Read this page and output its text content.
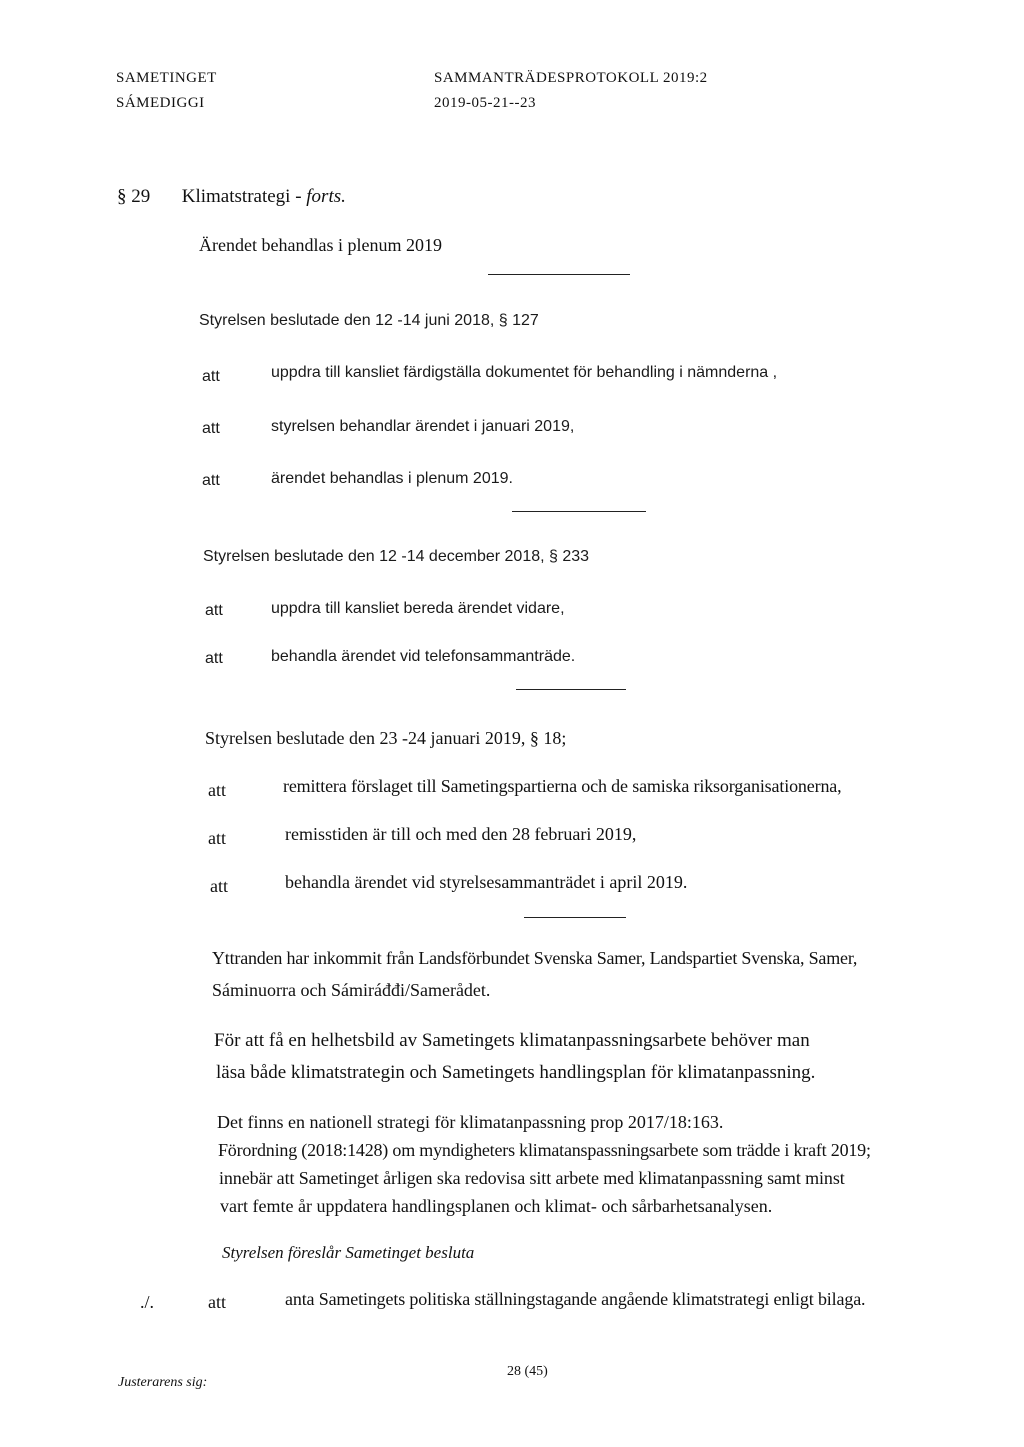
SAMETINGET
SÁMEDIGGI
SAMMANTRÄDESPROTOKOLL 2019:2
2019-05-21--23
§ 29 Klimatstrategi - forts.
Ärendet behandlas i plenum 2019
Styrelsen beslutade den 12 -14 juni 2018, § 127
att	uppdra till kansliet färdigställa dokumentet för behandling i nämnderna ,
att	styrelsen behandlar ärendet i januari 2019,
att	ärendet behandlas i plenum 2019.
Styrelsen beslutade den 12 -14 december 2018, § 233
att	uppdra till kansliet bereda ärendet vidare,
att	behandla ärendet vid telefonsammanträde.
Styrelsen beslutade den 23 -24 januari 2019, § 18;
att	remittera förslaget till Sametingspartierna och de samiska riksorganisationerna,
att	remisstiden är till och med den 28 februari 2019,
att	behandla ärendet vid styrelsesammanträdet i april 2019.
Yttranden har inkommit från Landsförbundet Svenska Samer, Landspartiet Svenska, Samer,
Sáminuorra och Sámiráđđi/Samerådet.
För att få en helhetsbild av Sametingets klimatanpassningsarbete behöver man
läsa både klimatstrategin och Sametingets handlingsplan för klimatanpassning.
Det finns en nationell strategi för klimatanpassning prop 2017/18:163.
Förordning (2018:1428) om myndigheters klimatanspassningsarbete som trädde i kraft 2019;
innebär att Sametinget årligen ska redovisa sitt arbete med klimatanpassning samt minst
vart femte år uppdatera handlingsplanen och klimat- och sårbarhetsanalysen.
Styrelsen föreslår Sametinget besluta
./.	att	anta Sametingets politiska ställningstagande angående klimatstrategi enligt bilaga.
Justerarens sig:
28 (45)
